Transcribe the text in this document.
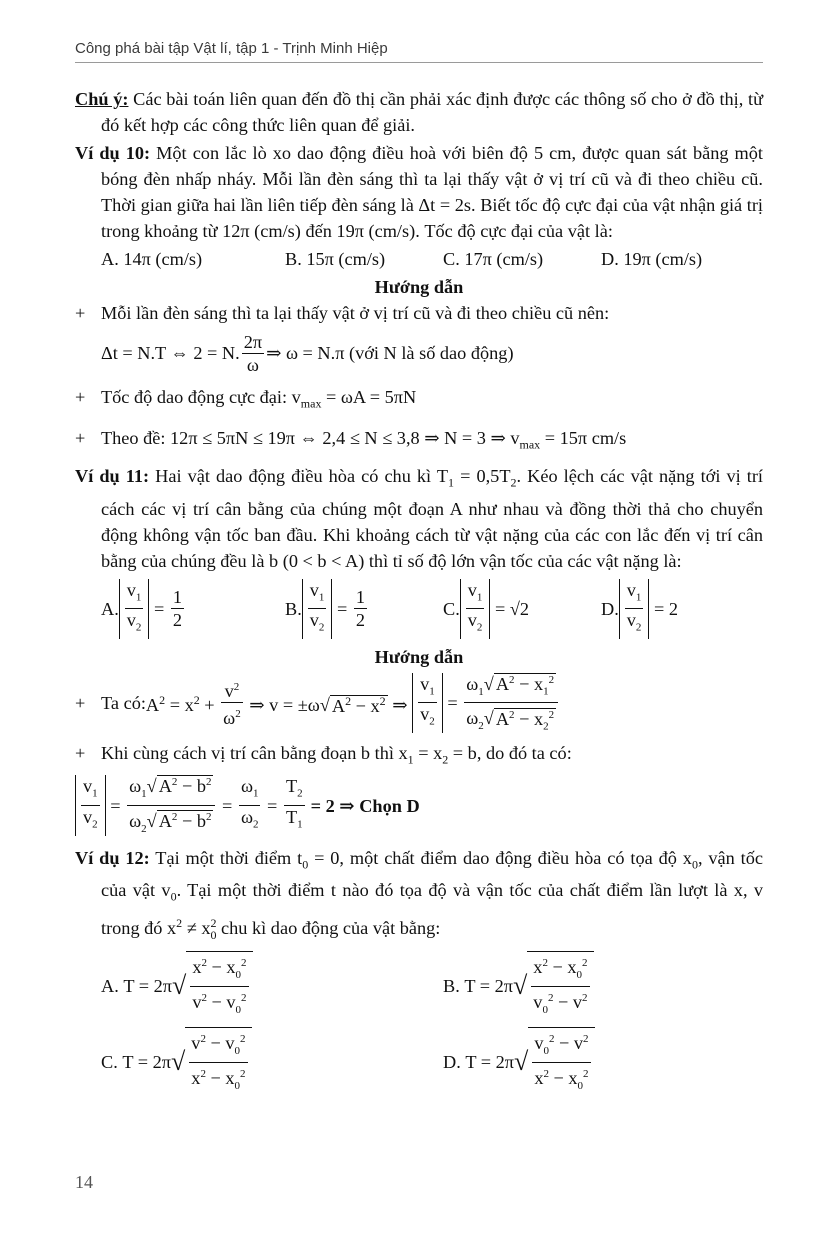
Công phá bài tập Vật lí, tập 1 - Trịnh Minh Hiệp
Chú ý: Các bài toán liên quan đến đồ thị cần phải xác định được các thông số cho ở đồ thị, từ đó kết hợp các công thức liên quan để giải.
Ví dụ 10: Một con lắc lò xo dao động điều hoà với biên độ 5 cm, được quan sát bằng một bóng đèn nhấp nháy. Mỗi lần đèn sáng thì ta lại thấy vật ở vị trí cũ và đi theo chiều cũ. Thời gian giữa hai lần liên tiếp đèn sáng là Δt = 2s. Biết tốc độ cực đại của vật nhận giá trị trong khoảng từ 12π (cm/s) đến 19π (cm/s). Tốc độ cực đại của vật là:
A. 14π (cm/s)	B. 15π (cm/s)	C. 17π (cm/s)	D. 19π (cm/s)
Hướng dẫn
+ Mỗi lần đèn sáng thì ta lại thấy vật ở vị trí cũ và đi theo chiều cũ nên:
Δt = N.T ⇔ 2 = N. $\frac{2\pi}{\omega}$ ⇒ ω = N.π (với N là số dao động)
+ Tốc độ dao động cực đại: $v_{max} = \omega A = 5\pi N$
+ Theo đề: 12π ≤ 5πN ≤ 19π ⇔ 2,4 ≤ N ≤ 3,8 ⇒ N = 3 ⇒ $v_{max} = 15\pi$ cm/s
Ví dụ 11: Hai vật dao động điều hòa có chu kì $T_1 = 0,5T_2$. Kéo lệch các vật nặng tới vị trí cách các vị trí cân bằng của chúng một đoạn A như nhau và đồng thời thả cho chuyển động không vận tốc ban đầu. Khi khoảng cách từ vật nặng của các con lắc đến vị trí cân bằng của chúng đều là b (0 < b < A) thì tỉ số độ lớn vận tốc của các vật nặng là:
A. $\frac{v_1}{v_2} = \frac{1}{2}$	B. $\frac{v_1}{v_2} = \frac{1}{2}$	C. $\frac{v_1}{v_2} = √2$	D. $\frac{v_1}{v_2} = 2$
Hướng dẫn
+ Ta có: $A^2 = x^2 + \frac{v^2}{\omega^2}$ ⇒ v = ±ω√ $A^2 - x^2$ ⇒ $\frac{v_1}{v_2} = \frac{\omega_1√ A^2 - x_1^2}{\omega_2√ A^2 - x_2^2}$
+ Khi cùng cách vị trí cân bằng đoạn b thì $x_1 = x_2 = b$, do đó ta có:
$\frac{v_1}{v_2} = \frac{\omega_1√ A^2 - b^2}{\omega_2√ A^2 - b^2} = \frac{\omega_1}{\omega_2} = \frac{T_2}{T_1} = 2$ ⇒ Chọn D
Ví dụ 12: Tại một thời điểm $t_0 = 0$, một chất điểm dao động điều hòa có tọa độ $x_0$, vận tốc của vật $v_0$. Tại một thời điểm t nào đó tọa độ và vận tốc của chất điểm lần lượt là x, v trong đó $x^2 \ne x_0^2$ chu kì dao động của vật bằng:
A.
T = 2π √ $\frac{x^2 - x_0^2}{v^2 - v_0^2}$	B.
T = 2π √ $\frac{x^2 - x_0^2}{v_0^2 - v^2}$
C.
T = 2π √ $\frac{v^2 - v_0^2}{x^2 - x_0^2}$	D.
T = 2π √ $\frac{v_0^2 - v^2}{x^2 - x_0^2}$
14
